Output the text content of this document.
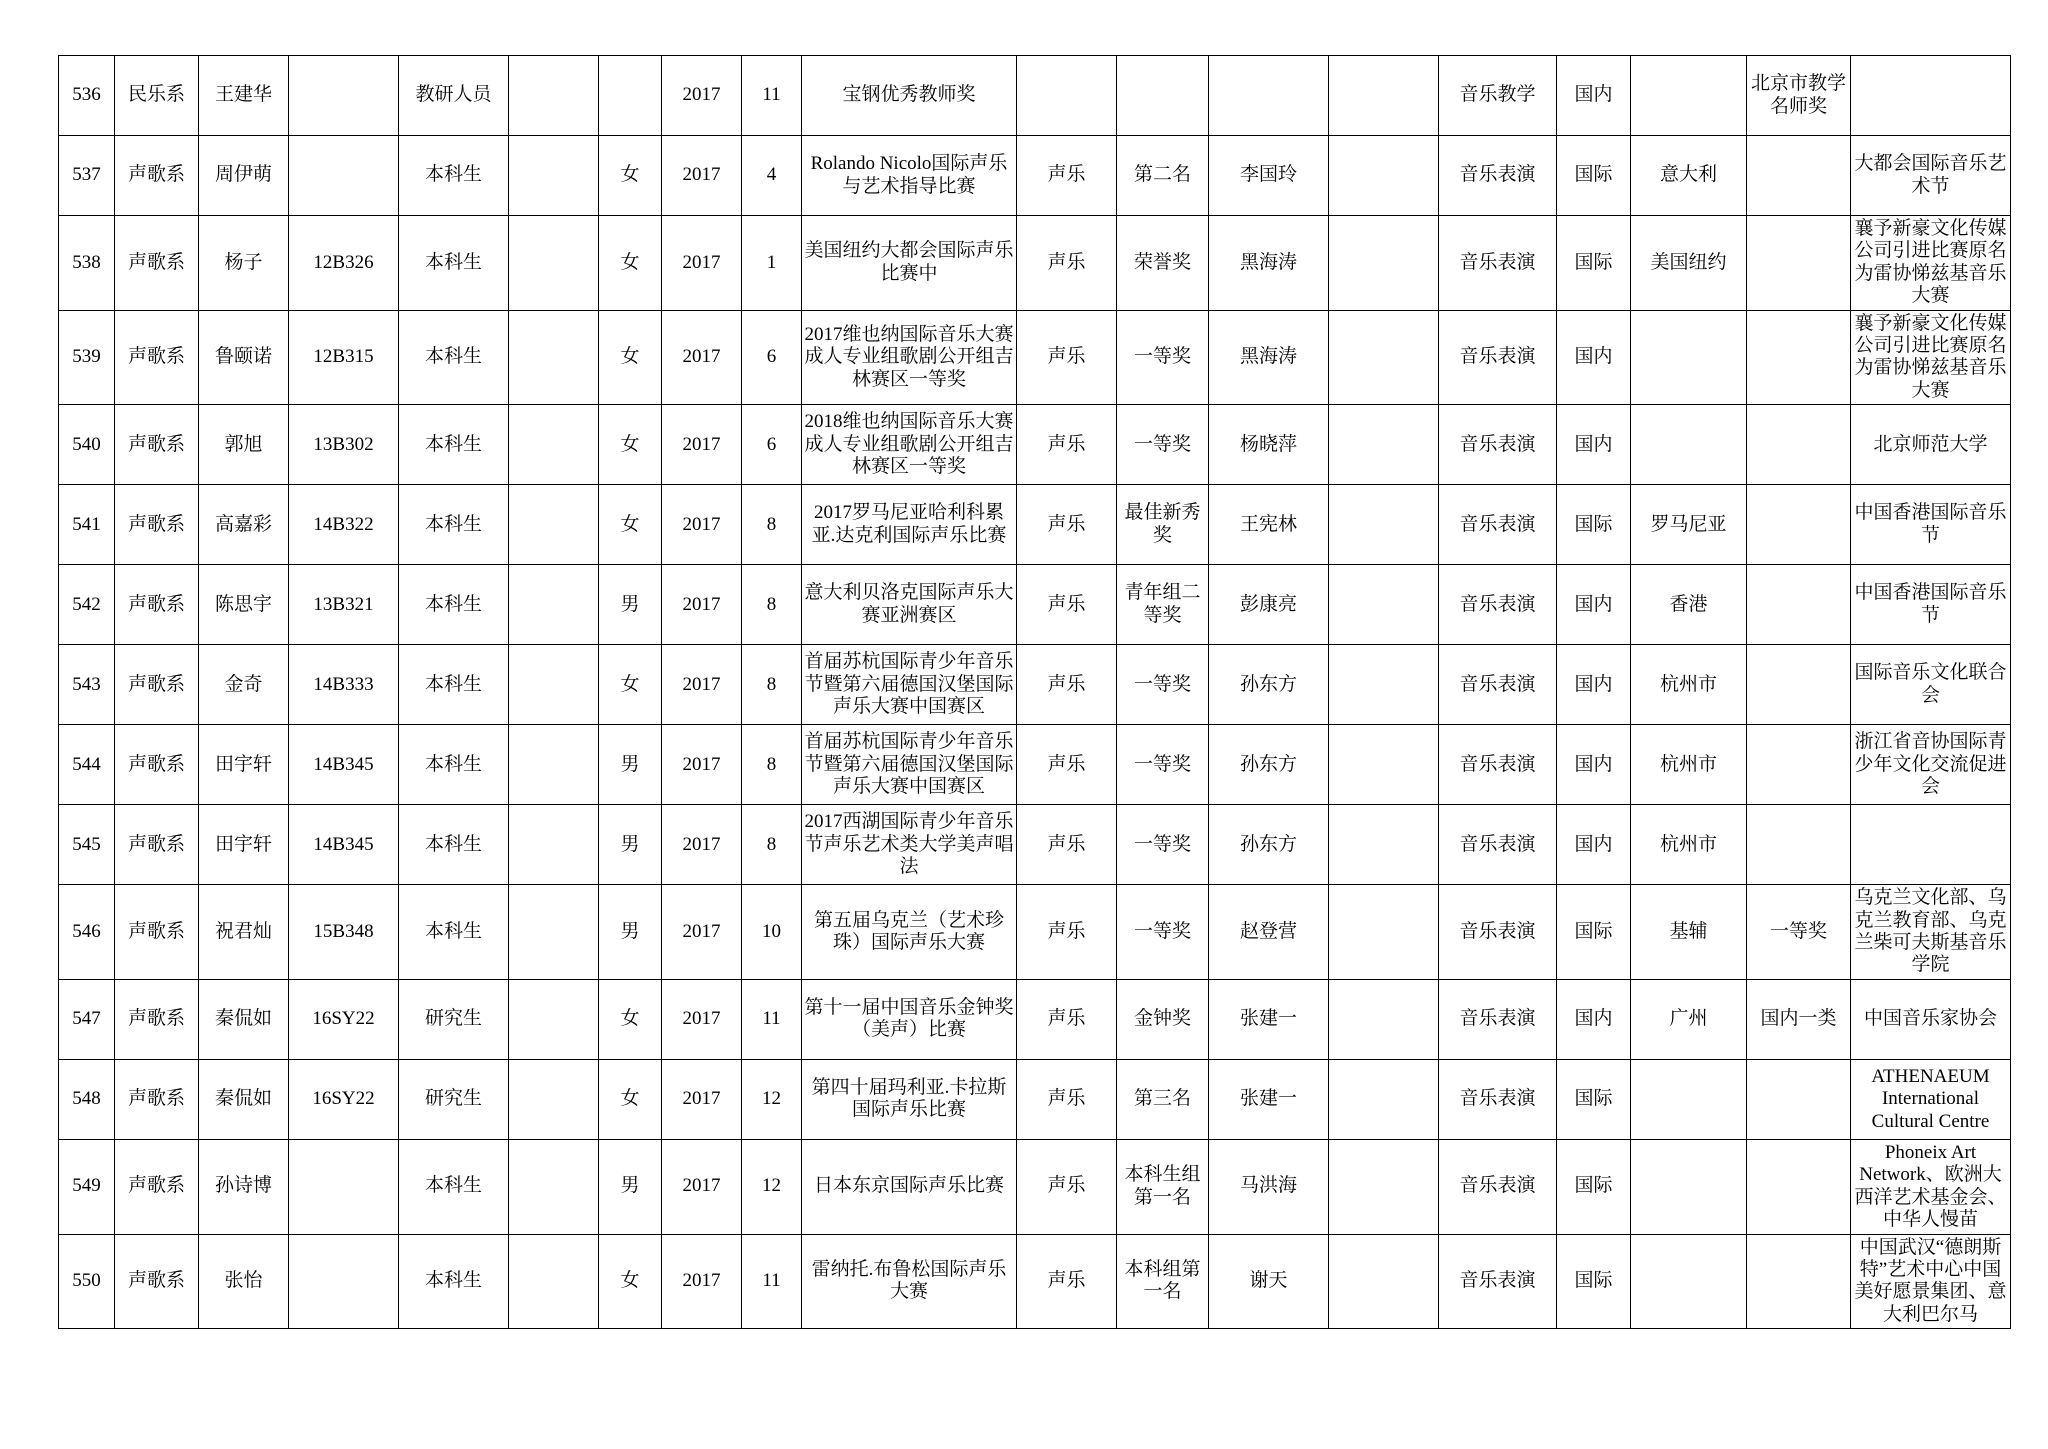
536	民乐系	王建华		教研人员			2017	11	宝钢优秀教师奖					音乐教学	国内		北京市教学名师奖	
537	声歌系	周伊萌		本科生		女	2017	4	Rolando Nicolo国际声乐与艺术指导比赛	声乐	第二名	李国玲		音乐表演	国际	意大利		大都会国际音乐艺术节
538	声歌系	杨子	12B326	本科生		女	2017	1	美国纽约大都会国际声乐比赛中	声乐	荣誉奖	黑海涛		音乐表演	国际	美国纽约		襄予新豪文化传媒公司引进比赛原名为雷协悌兹基音乐大赛
539	声歌系	鲁颐诺	12B315	本科生		女	2017	6	2017维也纳国际音乐大赛成人专业组歌剧公开组吉林赛区一等奖	声乐	一等奖	黑海涛		音乐表演	国内			襄予新豪文化传媒公司引进比赛原名为雷协悌兹基音乐大赛
540	声歌系	郭旭	13B302	本科生		女	2017	6	2018维也纳国际音乐大赛成人专业组歌剧公开组吉林赛区一等奖	声乐	一等奖	杨晓萍		音乐表演	国内			北京师范大学
541	声歌系	高嘉彩	14B322	本科生		女	2017	8	2017罗马尼亚哈利科累亚.达克利国际声乐比赛	声乐	最佳新秀奖	王宪林		音乐表演	国际	罗马尼亚		中国香港国际音乐节
542	声歌系	陈思宇	13B321	本科生		男	2017	8	意大利贝洛克国际声乐大赛亚洲赛区	声乐	青年组二等奖	彭康亮		音乐表演	国内	香港		中国香港国际音乐节
543	声歌系	金奇	14B333	本科生		女	2017	8	首届苏杭国际青少年音乐节暨第六届德国汉堡国际声乐大赛中国赛区	声乐	一等奖	孙东方		音乐表演	国内	杭州市		国际音乐文化联合会
544	声歌系	田宇轩	14B345	本科生		男	2017	8	首届苏杭国际青少年音乐节暨第六届德国汉堡国际声乐大赛中国赛区	声乐	一等奖	孙东方		音乐表演	国内	杭州市		浙江省音协国际青少年文化交流促进会
545	声歌系	田宇轩	14B345	本科生		男	2017	8	2017西湖国际青少年音乐节声乐艺术类大学美声唱法	声乐	一等奖	孙东方		音乐表演	国内	杭州市		
546	声歌系	祝君灿	15B348	本科生		男	2017	10	第五届乌克兰（艺术珍珠）国际声乐大赛	声乐	一等奖	赵登营		音乐表演	国际	基辅	一等奖	乌克兰文化部、乌克兰教育部、乌克兰柴可夫斯基音乐学院
547	声歌系	秦侃如	16SY22	研究生		女	2017	11	第十一届中国音乐金钟奖（美声）比赛	声乐	金钟奖	张建一		音乐表演	国内	广州	国内一类	中国音乐家协会
548	声歌系	秦侃如	16SY22	研究生		女	2017	12	第四十届玛利亚.卡拉斯国际声乐比赛	声乐	第三名	张建一		音乐表演	国际			ATHENAEUM International Cultural Centre
549	声歌系	孙诗博		本科生		男	2017	12	日本东京国际声乐比赛	声乐	本科生组第一名	马洪海		音乐表演	国际			Phoneix Art Network、欧洲大西洋艺术基金会、中华人慢苗
550	声歌系	张怡		本科生		女	2017	11	雷纳托.布鲁松国际声乐大赛	声乐	本科组第一名	谢天		音乐表演	国际			中国武汉“德朗斯特”艺术中心中国美好愿景集团、意大利巴尔马
